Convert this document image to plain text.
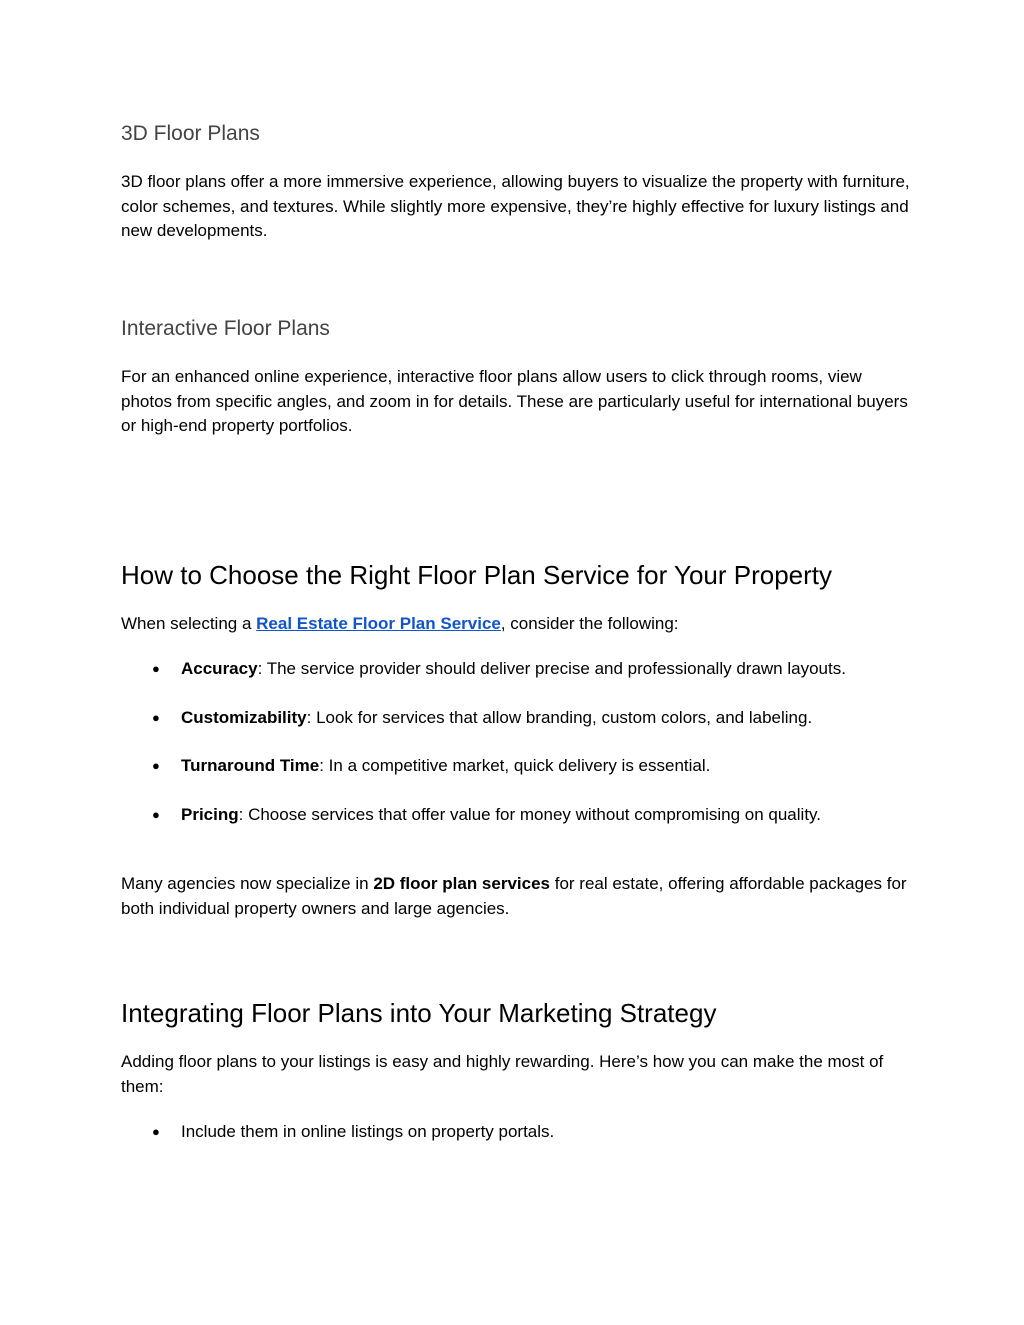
3D Floor Plans

3D floor plans offer a more immersive experience, allowing buyers to visualize the property with furniture, color schemes, and textures. While slightly more expensive, they’re highly effective for luxury listings and new developments.

Interactive Floor Plans

For an enhanced online experience, interactive floor plans allow users to click through rooms, view photos from specific angles, and zoom in for details. These are particularly useful for international buyers or high-end property portfolios.

How to Choose the Right Floor Plan Service for Your Property

When selecting a Real Estate Floor Plan Service, consider the following:

● Accuracy: The service provider should deliver precise and professionally drawn layouts.
● Customizability: Look for services that allow branding, custom colors, and labeling.
● Turnaround Time: In a competitive market, quick delivery is essential.
● Pricing: Choose services that offer value for money without compromising on quality.

Many agencies now specialize in 2D floor plan services for real estate, offering affordable packages for both individual property owners and large agencies.

Integrating Floor Plans into Your Marketing Strategy

Adding floor plans to your listings is easy and highly rewarding. Here’s how you can make the most of them:

● Include them in online listings on property portals.
